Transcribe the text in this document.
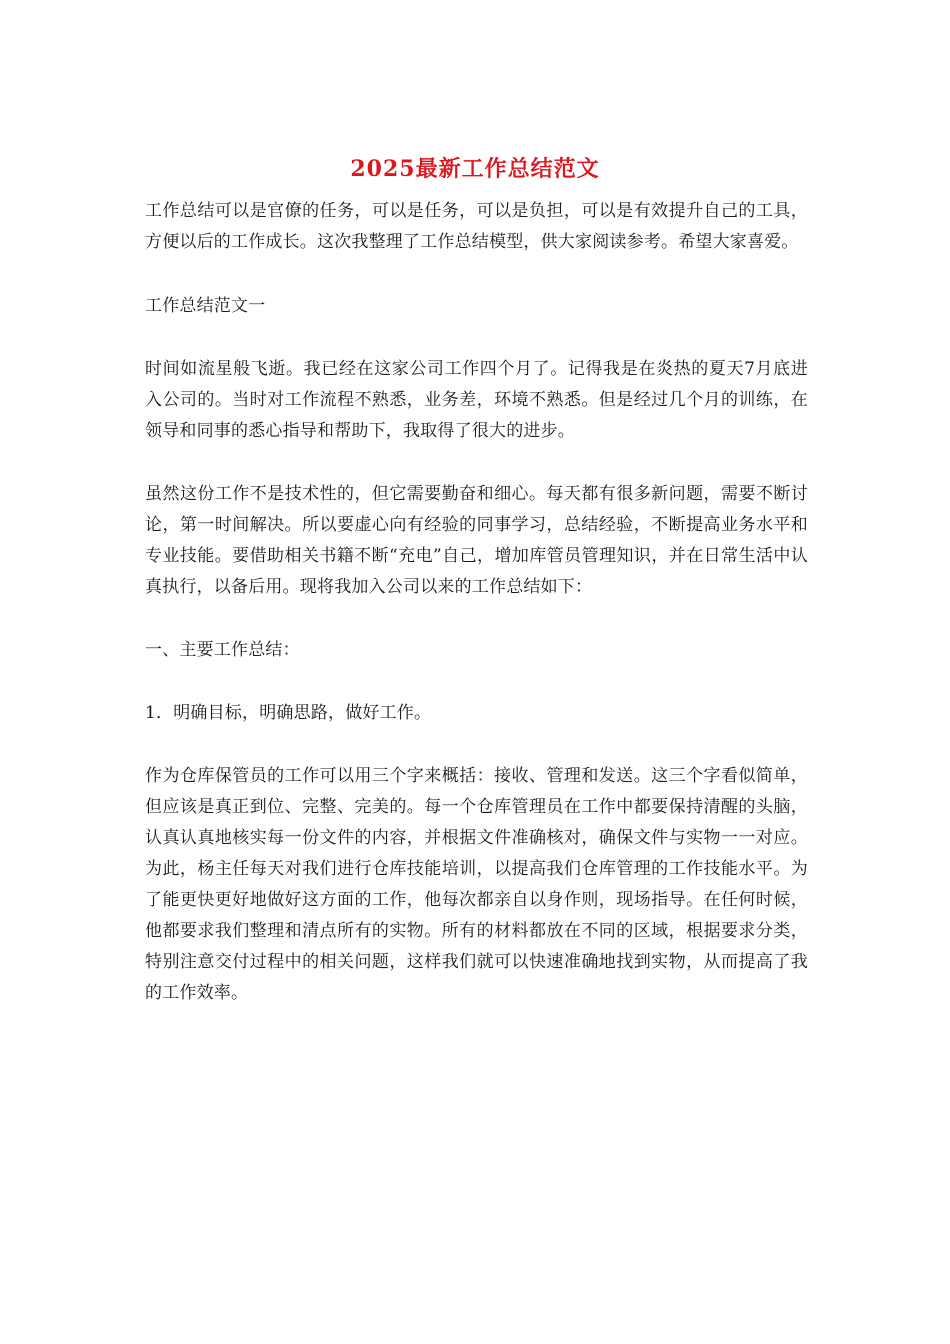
2025最新工作总结范文

工作总结可以是官僚的任务，可以是任务，可以是负担，可以是有效提升自己的工具，方便以后的工作成长。这次我整理了工作总结模型，供大家阅读参考。希望大家喜爱。

工作总结范文一

时间如流星般飞逝。我已经在这家公司工作四个月了。记得我是在炎热的夏天7月底进入公司的。当时对工作流程不熟悉，业务差，环境不熟悉。但是经过几个月的训练，在领导和同事的悉心指导和帮助下，我取得了很大的进步。

虽然这份工作不是技术性的，但它需要勤奋和细心。每天都有很多新问题，需要不断讨论，第一时间解决。所以要虚心向有经验的同事学习，总结经验，不断提高业务水平和专业技能。要借助相关书籍不断“充电”自己，增加库管员管理知识，并在日常生活中认真执行，以备后用。现将我加入公司以来的工作总结如下：

一、主要工作总结：

1．明确目标，明确思路，做好工作。

作为仓库保管员的工作可以用三个字来概括：接收、管理和发送。这三个字看似简单，但应该是真正到位、完整、完美的。每一个仓库管理员在工作中都要保持清醒的头脑，认真认真地核实每一份文件的内容，并根据文件准确核对，确保文件与实物一一对应。为此，杨主任每天对我们进行仓库技能培训，以提高我们仓库管理的工作技能水平。为了能更快更好地做好这方面的工作，他每次都亲自以身作则，现场指导。在任何时候，他都要求我们整理和清点所有的实物。所有的材料都放在不同的区域，根据要求分类，特别注意交付过程中的相关问题，这样我们就可以快速准确地找到实物，从而提高了我的工作效率。
